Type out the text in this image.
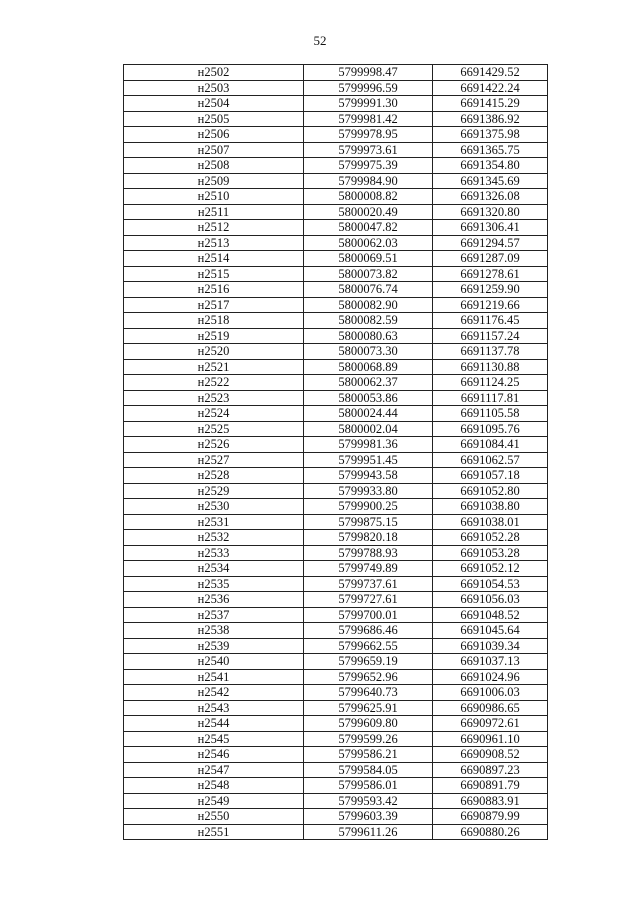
52
н2502	5799998.47	6691429.52
н2503	5799996.59	6691422.24
н2504	5799991.30	6691415.29
н2505	5799981.42	6691386.92
н2506	5799978.95	6691375.98
н2507	5799973.61	6691365.75
н2508	5799975.39	6691354.80
н2509	5799984.90	6691345.69
н2510	5800008.82	6691326.08
н2511	5800020.49	6691320.80
н2512	5800047.82	6691306.41
н2513	5800062.03	6691294.57
н2514	5800069.51	6691287.09
н2515	5800073.82	6691278.61
н2516	5800076.74	6691259.90
н2517	5800082.90	6691219.66
н2518	5800082.59	6691176.45
н2519	5800080.63	6691157.24
н2520	5800073.30	6691137.78
н2521	5800068.89	6691130.88
н2522	5800062.37	6691124.25
н2523	5800053.86	6691117.81
н2524	5800024.44	6691105.58
н2525	5800002.04	6691095.76
н2526	5799981.36	6691084.41
н2527	5799951.45	6691062.57
н2528	5799943.58	6691057.18
н2529	5799933.80	6691052.80
н2530	5799900.25	6691038.80
н2531	5799875.15	6691038.01
н2532	5799820.18	6691052.28
н2533	5799788.93	6691053.28
н2534	5799749.89	6691052.12
н2535	5799737.61	6691054.53
н2536	5799727.61	6691056.03
н2537	5799700.01	6691048.52
н2538	5799686.46	6691045.64
н2539	5799662.55	6691039.34
н2540	5799659.19	6691037.13
н2541	5799652.96	6691024.96
н2542	5799640.73	6691006.03
н2543	5799625.91	6690986.65
н2544	5799609.80	6690972.61
н2545	5799599.26	6690961.10
н2546	5799586.21	6690908.52
н2547	5799584.05	6690897.23
н2548	5799586.01	6690891.79
н2549	5799593.42	6690883.91
н2550	5799603.39	6690879.99
н2551	5799611.26	6690880.26
